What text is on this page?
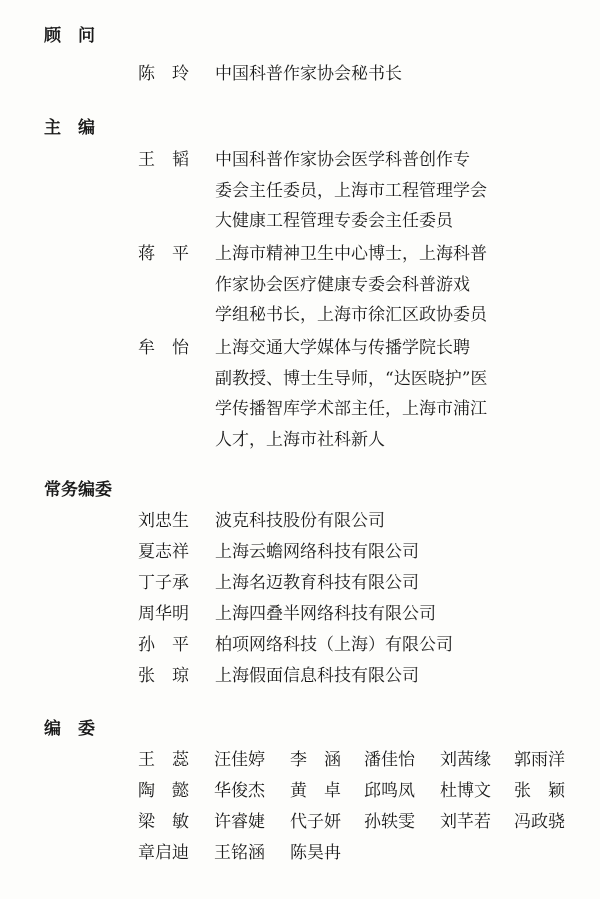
顾　问
陈　玲	中国科普作家协会秘书长
主　编
王　韬	中国科普作家协会医学科普创作专
委会主任委员，上海市工程管理学会
大健康工程管理专委会主任委员
蒋　平	上海市精神卫生中心博士，上海科普
作家协会医疗健康专委会科普游戏
学组秘书长，上海市徐汇区政协委员
牟　怡	上海交通大学媒体与传播学院长聘
副教授、博士生导师，“达医晓护”医
学传播智库学术部主任，上海市浦江
人才，上海市社科新人
常务编委
刘忠生	波克科技股份有限公司
夏志祥	上海云蟾网络科技有限公司
丁子承	上海名迈教育科技有限公司
周华明	上海四叠半网络科技有限公司
孙　平	柏项网络科技（上海）有限公司
张　琼	上海假面信息科技有限公司
编　委
王　蕊	汪佳婷	李　涵	潘佳怡	刘茜缘	郭雨洋
陶　懿	华俊杰	黄　卓	邱鸣凤	杜博文	张　颖
梁　敏	许睿婕	代子妍	孙轶雯	刘芊若	冯政骁
章启迪	王铭涵	陈昊冉
